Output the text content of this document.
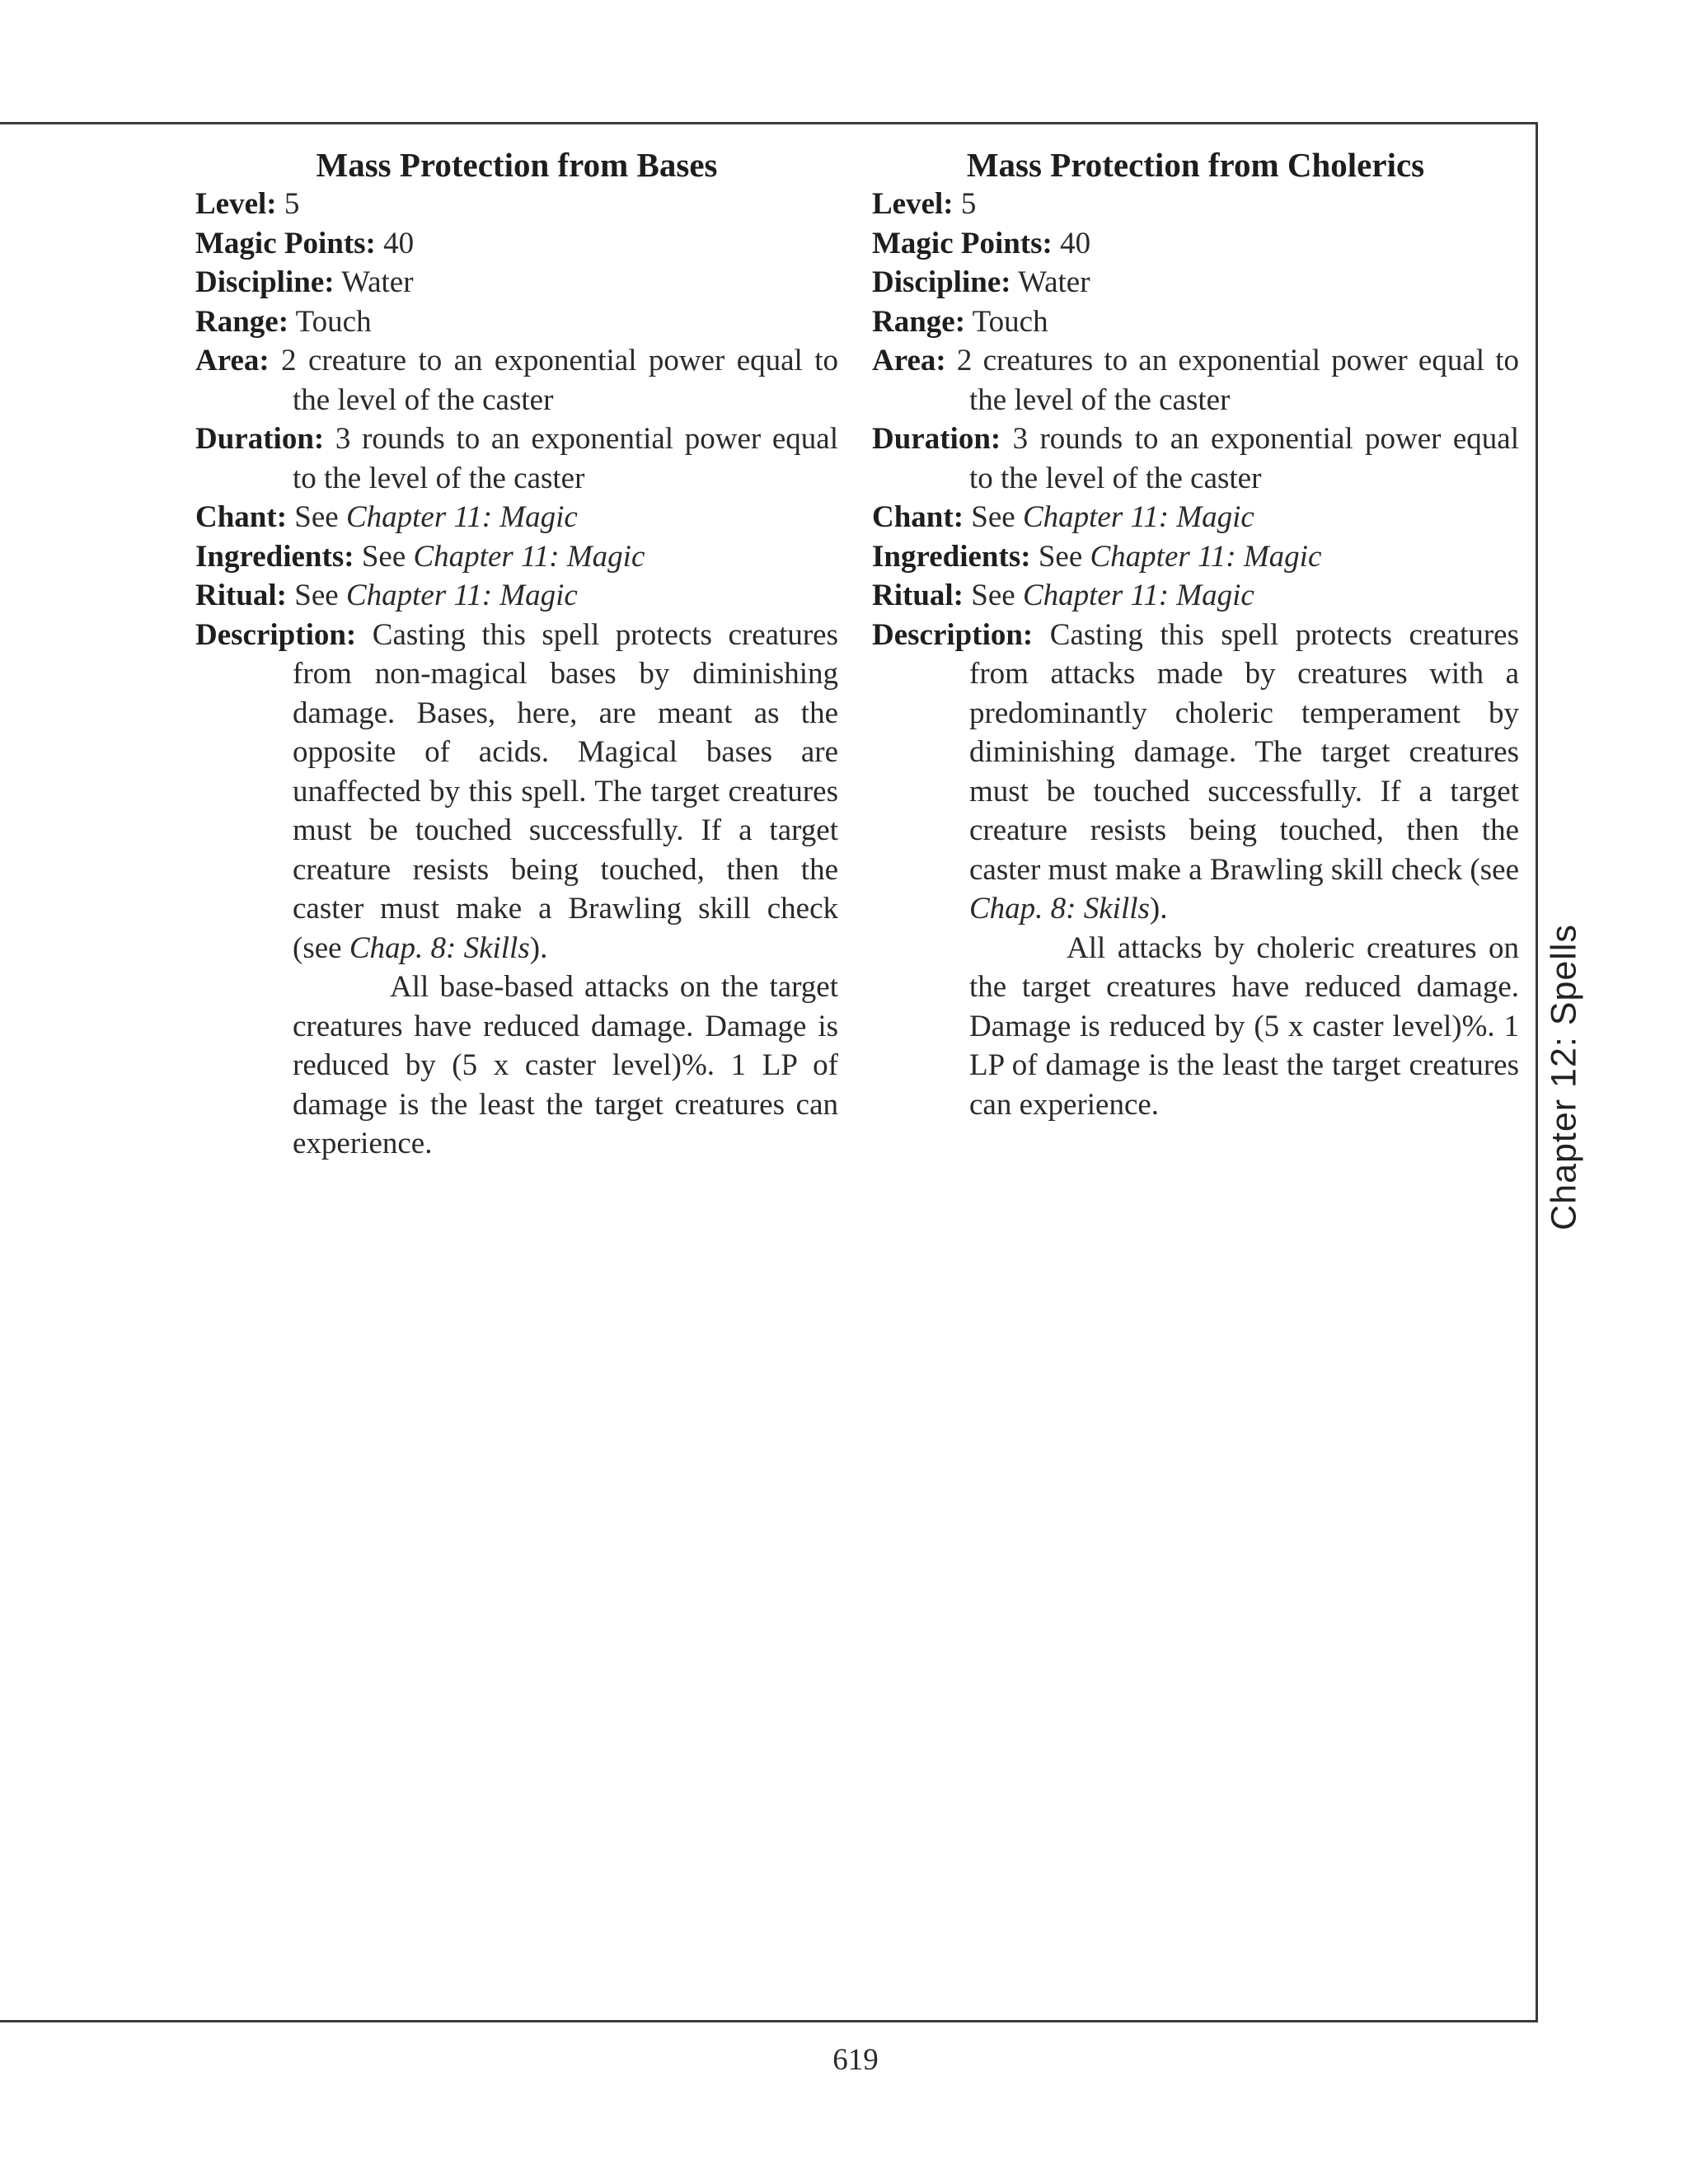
Mass Protection from Bases
Level: 5
Magic Points: 40
Discipline: Water
Range: Touch
Area: 2 creature to an exponential power equal to the level of the caster
Duration: 3 rounds to an exponential power equal to the level of the caster
Chant: See Chapter 11: Magic
Ingredients: See Chapter 11: Magic
Ritual: See Chapter 11: Magic
Description: Casting this spell protects creatures from non-magical bases by diminishing damage. Bases, here, are meant as the opposite of acids. Magical bases are unaffected by this spell. The target creatures must be touched successfully. If a target creature resists being touched, then the caster must make a Brawling skill check (see Chap. 8: Skills).
All base-based attacks on the target creatures have reduced damage. Damage is reduced by (5 x caster level)%. 1 LP of damage is the least the target creatures can experience.
Mass Protection from Cholerics
Level: 5
Magic Points: 40
Discipline: Water
Range: Touch
Area: 2 creatures to an exponential power equal to the level of the caster
Duration: 3 rounds to an exponential power equal to the level of the caster
Chant: See Chapter 11: Magic
Ingredients: See Chapter 11: Magic
Ritual: See Chapter 11: Magic
Description: Casting this spell protects creatures from attacks made by creatures with a predominantly choleric temperament by diminishing damage. The target creatures must be touched successfully. If a target creature resists being touched, then the caster must make a Brawling skill check (see Chap. 8: Skills).
All attacks by choleric creatures on the target creatures have reduced damage. Damage is reduced by (5 x caster level)%. 1 LP of damage is the least the target creatures can experience.	Chapter 12: Spells
619
